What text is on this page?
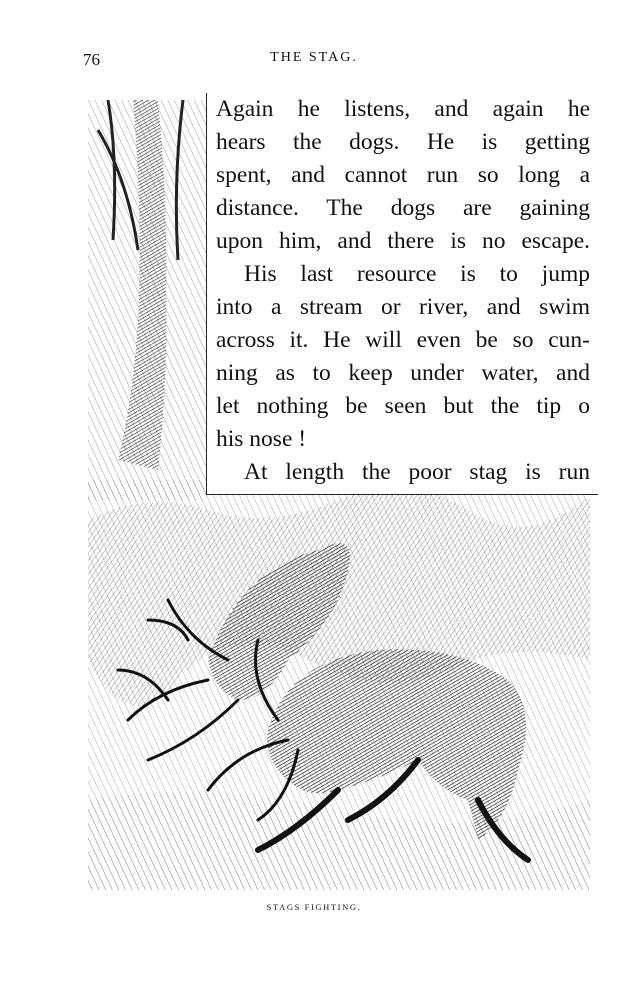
76	THE STAG.
Again he listens, and again he
hears the dogs. He is getting
spent, and cannot run so long a
distance. The dogs are gaining
upon him, and there is no escape.
His last resource is to jump
into a stream or river, and swim
across it. He will even be so cun-
ning as to keep under water, and
let nothing be seen but the tip o
his nose !
At length the poor stag is run
STAGS FIGHTING.
